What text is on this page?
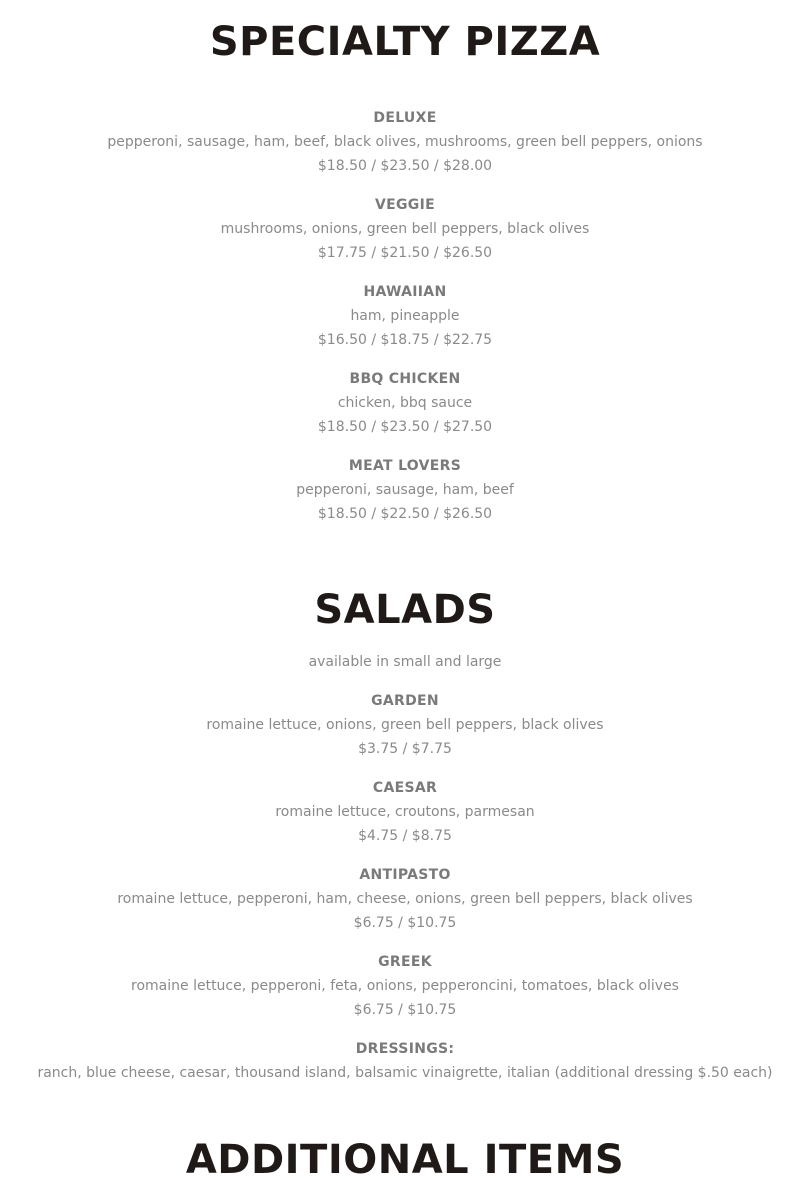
SPECIALTY PIZZA
DELUXE
pepperoni, sausage, ham, beef, black olives, mushrooms, green bell peppers, onions
$18.50 / $23.50 / $28.00
VEGGIE
mushrooms, onions, green bell peppers, black olives
$17.75 / $21.50 / $26.50
HAWAIIAN
ham, pineapple
$16.50 / $18.75 / $22.75
BBQ CHICKEN
chicken, bbq sauce
$18.50 / $23.50 / $27.50
MEAT LOVERS
pepperoni, sausage, ham, beef
$18.50 / $22.50 / $26.50
SALADS
available in small and large
GARDEN
romaine lettuce, onions, green bell peppers, black olives
$3.75 / $7.75
CAESAR
romaine lettuce, croutons, parmesan
$4.75 / $8.75
ANTIPASTO
romaine lettuce, pepperoni, ham, cheese, onions, green bell peppers, black olives
$6.75 / $10.75
GREEK
romaine lettuce, pepperoni, feta, onions, pepperoncini, tomatoes, black olives
$6.75 / $10.75
DRESSINGS:
ranch, blue cheese, caesar, thousand island, balsamic vinaigrette, italian (additional dressing $.50 each)
ADDITIONAL ITEMS
